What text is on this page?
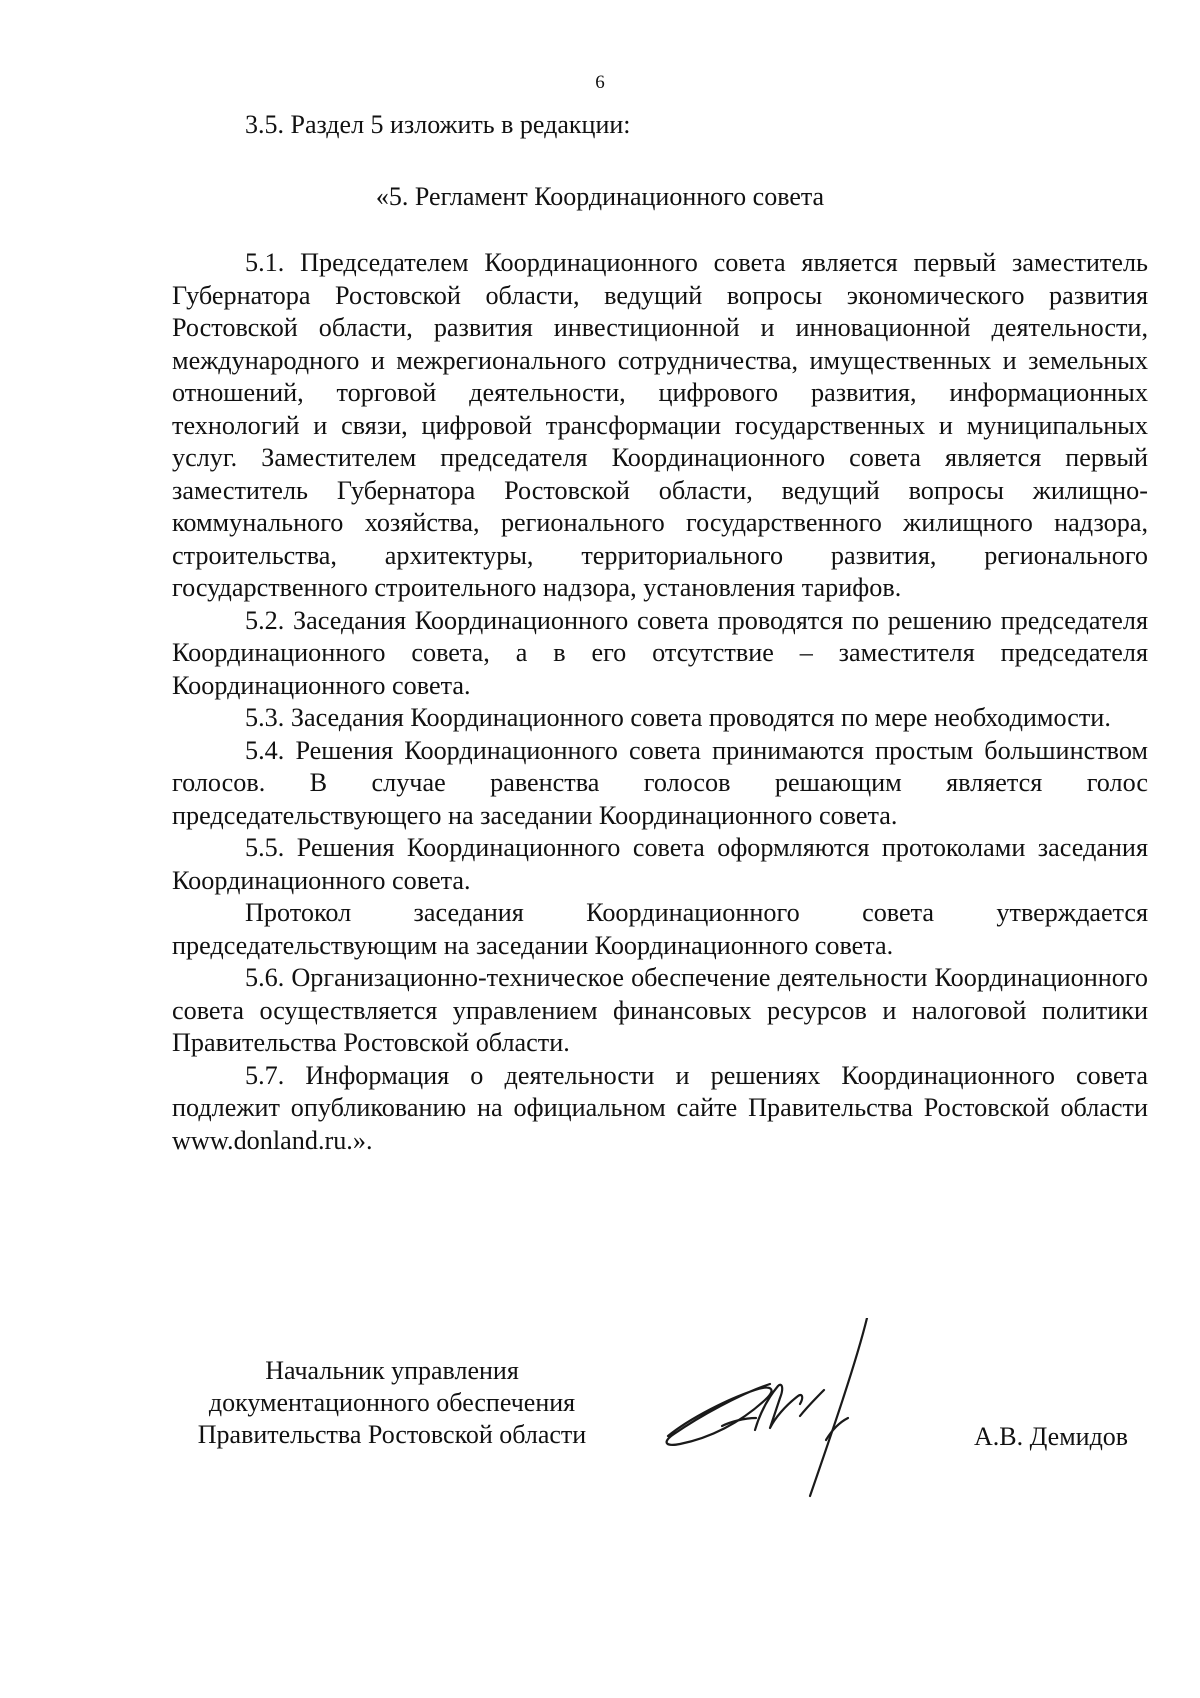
6
3.5. Раздел 5 изложить в редакции:
«5. Регламент Координационного совета

5.1. Председателем Координационного совета является первый заместитель Губернатора Ростовской области, ведущий вопросы экономического развития Ростовской области, развития инвестиционной и инновационной деятельности, международного и межрегионального сотрудничества, имущественных и земельных отношений, торговой деятельности, цифрового развития, информационных технологий и связи, цифровой трансформации государственных и муниципальных услуг. Заместителем председателя Координационного совета является первый заместитель Губернатора Ростовской области, ведущий вопросы жилищно-коммунального хозяйства, регионального государственного жилищного надзора, строительства, архитектуры, территориального развития, регионального государственного строительного надзора, установления тарифов.

5.2. Заседания Координационного совета проводятся по решению председателя Координационного совета, а в его отсутствие – заместителя председателя Координационного совета.

5.3. Заседания Координационного совета проводятся по мере необходимости.

5.4. Решения Координационного совета принимаются простым большинством голосов. В случае равенства голосов решающим является голос председательствующего на заседании Координационного совета.

5.5. Решения Координационного совета оформляются протоколами заседания Координационного совета.

Протокол заседания Координационного совета утверждается председательствующим на заседании Координационного совета.

5.6. Организационно-техническое обеспечение деятельности Координационного совета осуществляется управлением финансовых ресурсов и налоговой политики Правительства Ростовской области.

5.7. Информация о деятельности и решениях Координационного совета подлежит опубликованию на официальном сайте Правительства Ростовской области www.donland.ru.».

Начальник управления
документационного обеспечения
Правительства Ростовской области	А.В. Демидов
